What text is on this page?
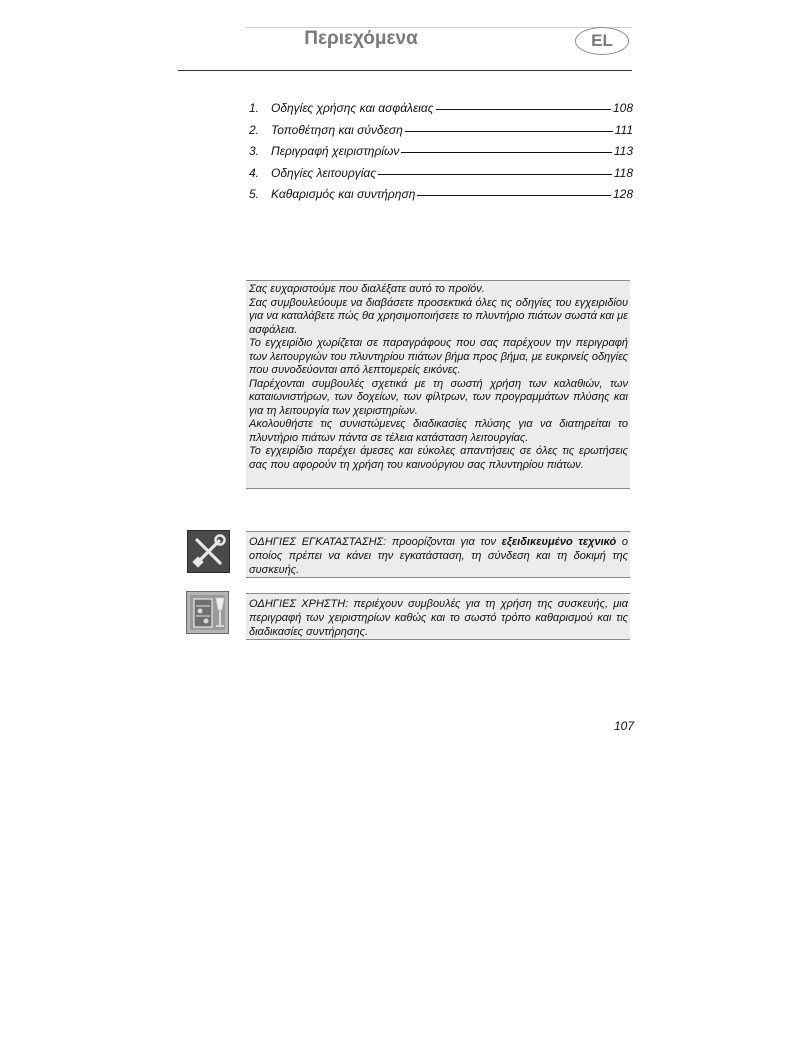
Περιεχόμενα	EL
1. Οδηγίες χρήσης και ασφάλειας	108
2. Τοποθέτηση και σύνδεση	111
3. Περιγραφή χειριστηρίων	113
4. Οδηγίες λειτουργίας	118
5. Καθαρισμός και συντήρηση	128

Σας ευχαριστούμε που διαλέξατε αυτό το προϊόν.

Σας συμβουλεύουμε να διαβάσετε προσεκτικά όλες τις οδηγίες του εγχειριδίου για να καταλάβετε πώς θα χρησιμοποιήσετε το πλυντήριο πιάτων σωστά και με ασφάλεια.

Το εγχειρίδιο χωρίζεται σε παραγράφους που σας παρέχουν την περιγραφή των λειτουργιών του πλυντηρίου πιάτων βήμα προς βήμα, με ευκρινείς οδηγίες που συνοδεύονται από λεπτομερείς εικόνες.

Παρέχονται συμβουλές σχετικά με τη σωστή χρήση των καλαθιών, των καταιωνιστήρων, των δοχείων, των φίλτρων, των προγραμμάτων πλύσης και για τη λειτουργία των χειριστηρίων.

Ακολουθήστε τις συνιστώμενες διαδικασίες πλύσης για να διατηρείται το πλυντήριο πιάτων πάντα σε τέλεια κατάσταση λειτουργίας.

Το εγχειρίδιο παρέχει άμεσες και εύκολες απαντήσεις σε όλες τις ερωτήσεις σας που αφορούν τη χρήση του καινούργιου σας πλυντηρίου πιάτων.

ΟΔΗΓΙΕΣ ΕΓΚΑΤΑΣΤΑΣΗΣ: προορίζονται για τον εξειδικευμένο τεχνικό ο οποίος πρέπει να κάνει την εγκατάσταση, τη σύνδεση και τη δοκιμή της συσκευής.
ΟΔΗΓΙΕΣ ΧΡΗΣΤΗ: περιέχουν συμβουλές για τη χρήση της συσκευής, μια περιγραφή των χειριστηρίων καθώς και το σωστό τρόπο καθαρισμού και τις διαδικασίες συντήρησης.
107
